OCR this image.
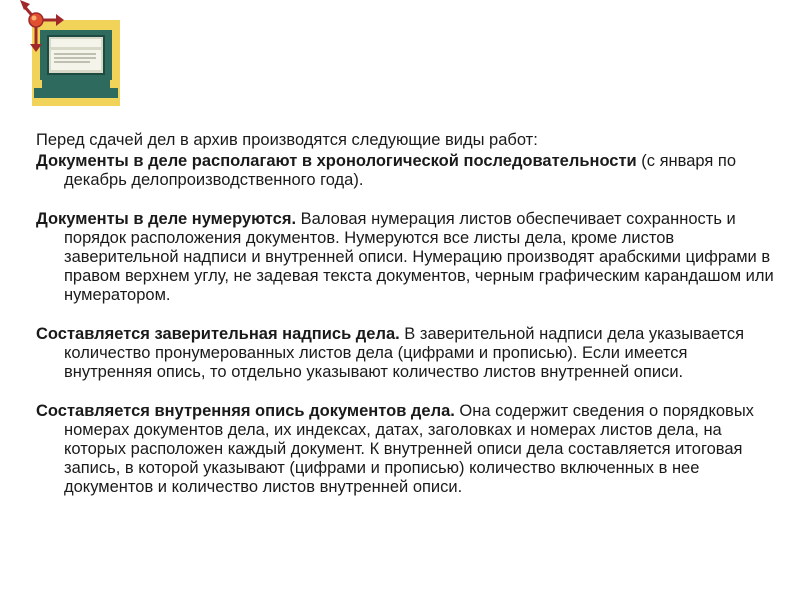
Перед сдачей дел в архив производятся следующие виды работ:

Документы в деле располагают в хронологической последовательности (с января по декабрь делопроизводственного года).

Документы в деле нумеруются. Валовая нумерация листов обеспечивает сохранность и порядок расположения документов. Нумеруются все листы дела, кроме листов заверительной надписи и внутренней описи. Нумерацию производят арабскими цифрами в правом верхнем углу, не задевая текста документов, черным графическим карандашом или нумератором.

Составляется заверительная надпись дела. В заверительной надписи дела указывается количество пронумерованных листов дела (цифрами и прописью). Если имеется внутренняя опись, то отдельно указывают количество листов внутренней описи.

Составляется внутренняя опись документов дела. Она содержит сведения о порядковых номерах документов дела, их индексах, датах, заголовках и номерах листов дела, на которых расположен каждый документ. К внутренней описи дела составляется итоговая запись, в которой указывают (цифрами и прописью) количество включенных в нее документов и количество листов внутренней описи.
